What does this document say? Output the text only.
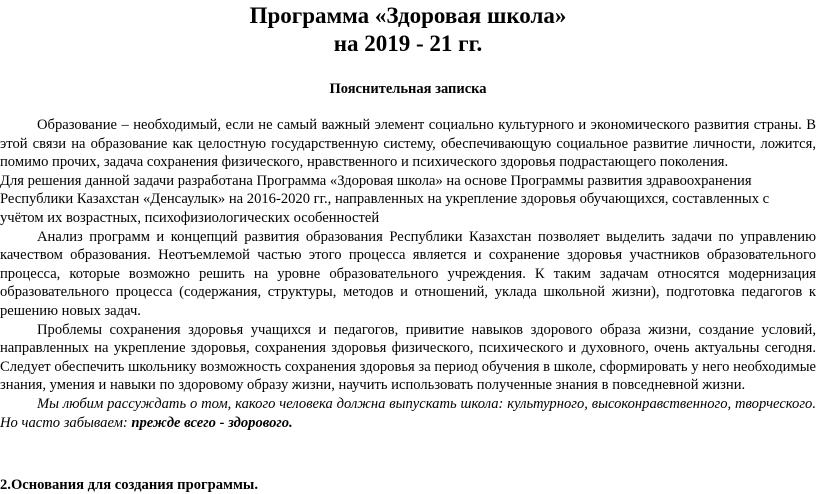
Программа «Здоровая школа»
на 2019 - 21 гг.
Пояснительная записка

Образование – необходимый, если не самый важный элемент социально культурного и экономического развития страны. В этой связи на образование как целостную государственную систему, обеспечивающую социальное развитие личности, ложится, помимо прочих, задача сохранения физического, нравственного и психического здоровья подрастающего поколения.

Для решения данной задачи разработана Программа «Здоровая школа» на основе Программы развития здравоохранения Республики Казахстан «Денсаулык» на 2016-2020 гг., направленных на укрепление здоровья обучающихся, составленных с учётом их возрастных, психофизиологических особенностей

Анализ программ и концепций развития образования Республики Казахстан позволяет выделить задачи по управлению качеством образования. Неотъемлемой частью этого процесса является и сохранение здоровья участников образовательного процесса, которые возможно решить на уровне образовательного учреждения. К таким задачам относятся модернизация образовательного процесса (содержания, структуры, методов и отношений, уклада школьной жизни), подготовка педагогов к решению новых задач.

Проблемы сохранения здоровья учащихся и педагогов, привитие навыков здорового образа жизни, создание условий, направленных на укрепление здоровья, сохранения здоровья физического, психического и духовного, очень актуальны сегодня. Следует обеспечить школьнику возможность сохранения здоровья за период обучения в школе, сформировать у него необходимые знания, умения и навыки по здоровому образу жизни, научить использовать полученные знания в повседневной жизни.

Мы любим рассуждать о том, какого человека должна выпускать школа: культурного, высоконравственного, творческого. Но часто забываем: прежде всего - здорового.

2.Основания для создания программы.
